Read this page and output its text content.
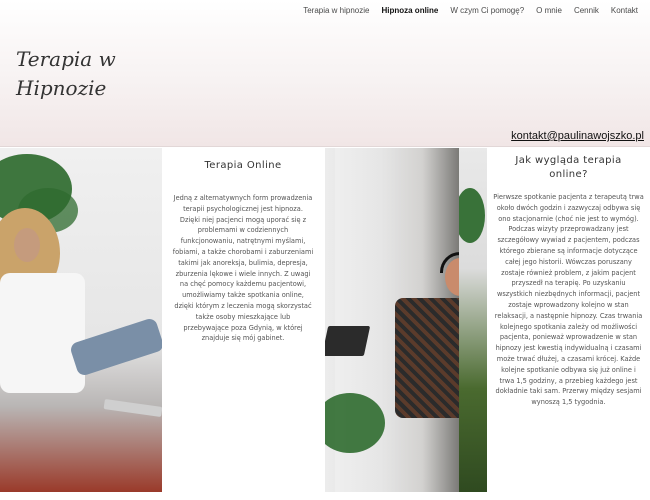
Terapia w hipnozie	Hipnoza online	W czym Ci pomogę?	O mnie	Cennik	Kontakt
Terapia w
Hipnozie
kontakt@paulinawojszko.pl
Terapia Online

Jedną z alternatywnych form prowadzenia terapii psychologicznej jest hipnoza. Dzięki niej pacjenci mogą uporać się z problemami w codziennych funkcjonowaniu, natrętnymi myślami, fobiami, a także chorobami i zaburzeniami takimi jak anoreksja, bulimia, depresja, zburzenia lękowe i wiele innych. Z uwagi na chęć pomocy każdemu pacjentowi, umożliwiamy także spotkania online, dzięki którym z leczenia mogą skorzystać także osoby mieszkające lub przebywające poza Gdynią, w której znajduje się mój gabinet.

Jak wygląda terapia online?

Pierwsze spotkanie pacjenta z terapeutą trwa około dwóch godzin i zazwyczaj odbywa się ono stacjonarnie (choć nie jest to wymóg). Podczas wizyty przeprowadzany jest szczegółowy wywiad z pacjentem, podczas którego zbierane są informacje dotyczące całej jego historii. Wówczas poruszany zostaje również problem, z jakim pacjent przyszedł na terapię. Po uzyskaniu wszystkich niezbędnych informacji, pacjent zostaje wprowadzony kolejno w stan relaksacji, a następnie hipnozy. Czas trwania kolejnego spotkania zależy od możliwości pacjenta, ponieważ wprowadzenie w stan hipnozy jest kwestią indywidualną i czasami może trwać dłużej, a czasami krócej. Każde kolejne spotkanie odbywa się już online i trwa 1,5 godziny, a przebieg każdego jest dokładnie taki sam. Przerwy między sesjami wynoszą 1,5 tygodnia.
